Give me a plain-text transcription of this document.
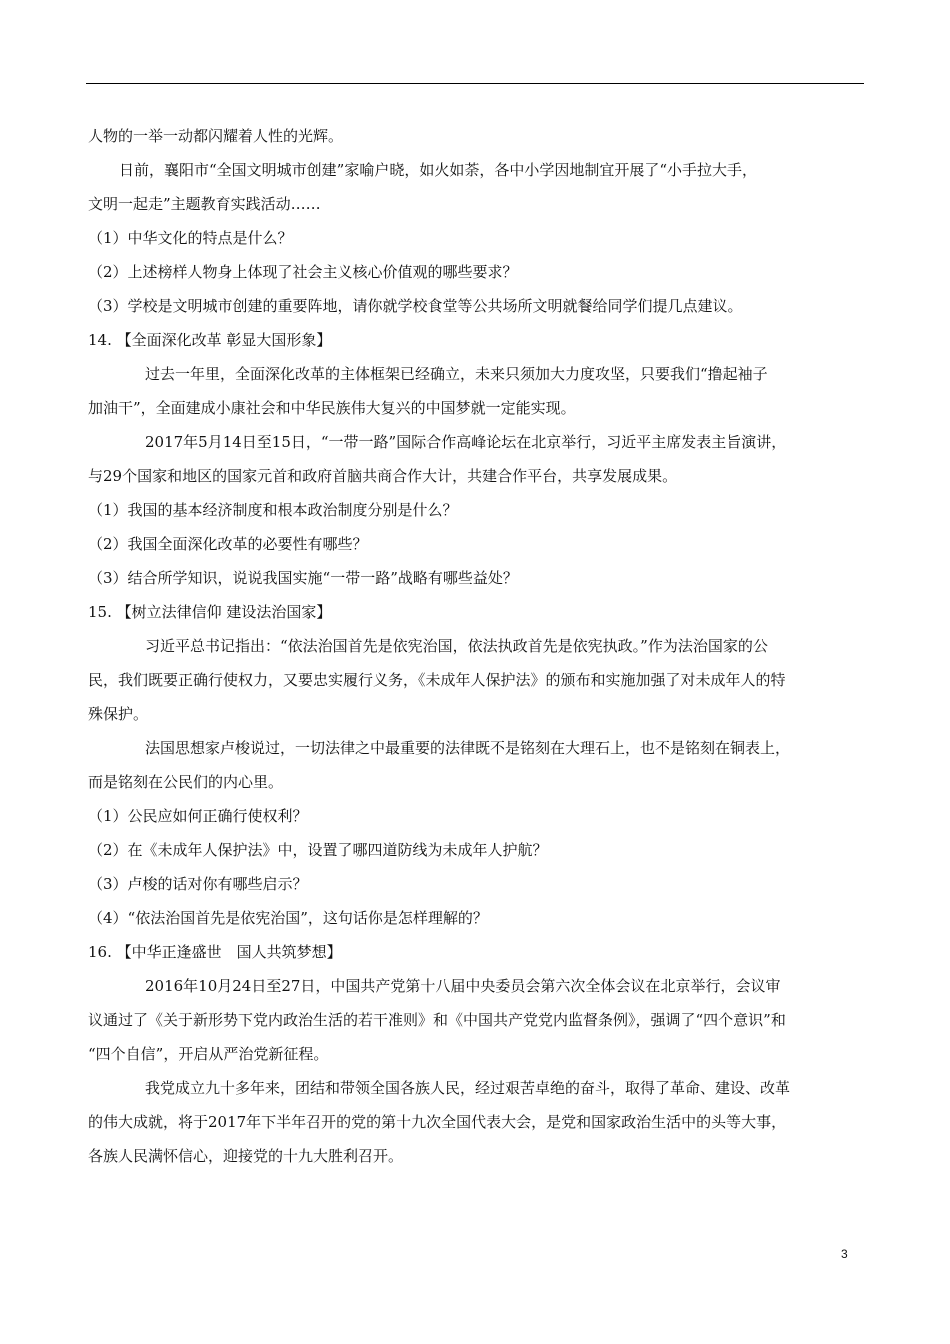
人物的一举一动都闪耀着人性的光辉。
日前，襄阳市“全国文明城市创建”家喻户晓，如火如荼，各中小学因地制宜开展了“小手拉大手，
文明一起走”主题教育实践活动……
（1）中华文化的特点是什么？
（2）上述榜样人物身上体现了社会主义核心价值观的哪些要求？
（3）学校是文明城市创建的重要阵地，请你就学校食堂等公共场所文明就餐给同学们提几点建议。
14. 【全面深化改革 彰显大国形象】
过去一年里，全面深化改革的主体框架已经确立，未来只须加大力度攻坚，只要我们“撸起袖子
加油干”，全面建成小康社会和中华民族伟大复兴的中国梦就一定能实现。
2017年5月14日至15日，“一带一路”国际合作高峰论坛在北京举行，习近平主席发表主旨演讲，
与29个国家和地区的国家元首和政府首脑共商合作大计，共建合作平台，共享发展成果。
（1）我国的基本经济制度和根本政治制度分别是什么？
（2）我国全面深化改革的必要性有哪些？
（3）结合所学知识，说说我国实施“一带一路”战略有哪些益处？
15. 【树立法律信仰 建设法治国家】
习近平总书记指出：“依法治国首先是依宪治国，依法执政首先是依宪执政。”作为法治国家的公
民，我们既要正确行使权力，又要忠实履行义务，《未成年人保护法》的颁布和实施加强了对未成年人的特
殊保护。
法国思想家卢梭说过，一切法律之中最重要的法律既不是铭刻在大理石上，也不是铭刻在铜表上，
而是铭刻在公民们的内心里。
（1）公民应如何正确行使权利？
（2）在《未成年人保护法》中，设置了哪四道防线为未成年人护航？
（3）卢梭的话对你有哪些启示？
（4）“依法治国首先是依宪治国”，这句话你是怎样理解的？
16. 【中华正逢盛世　国人共筑梦想】
2016年10月24日至27日，中国共产党第十八届中央委员会第六次全体会议在北京举行，会议审
议通过了《关于新形势下党内政治生活的若干准则》和《中国共产党党内监督条例》，强调了“四个意识”和
“四个自信”，开启从严治党新征程。
我党成立九十多年来，团结和带领全国各族人民，经过艰苦卓绝的奋斗，取得了革命、建设、改革
的伟大成就，将于2017年下半年召开的党的第十九次全国代表大会，是党和国家政治生活中的头等大事，
各族人民满怀信心，迎接党的十九大胜利召开。
3
